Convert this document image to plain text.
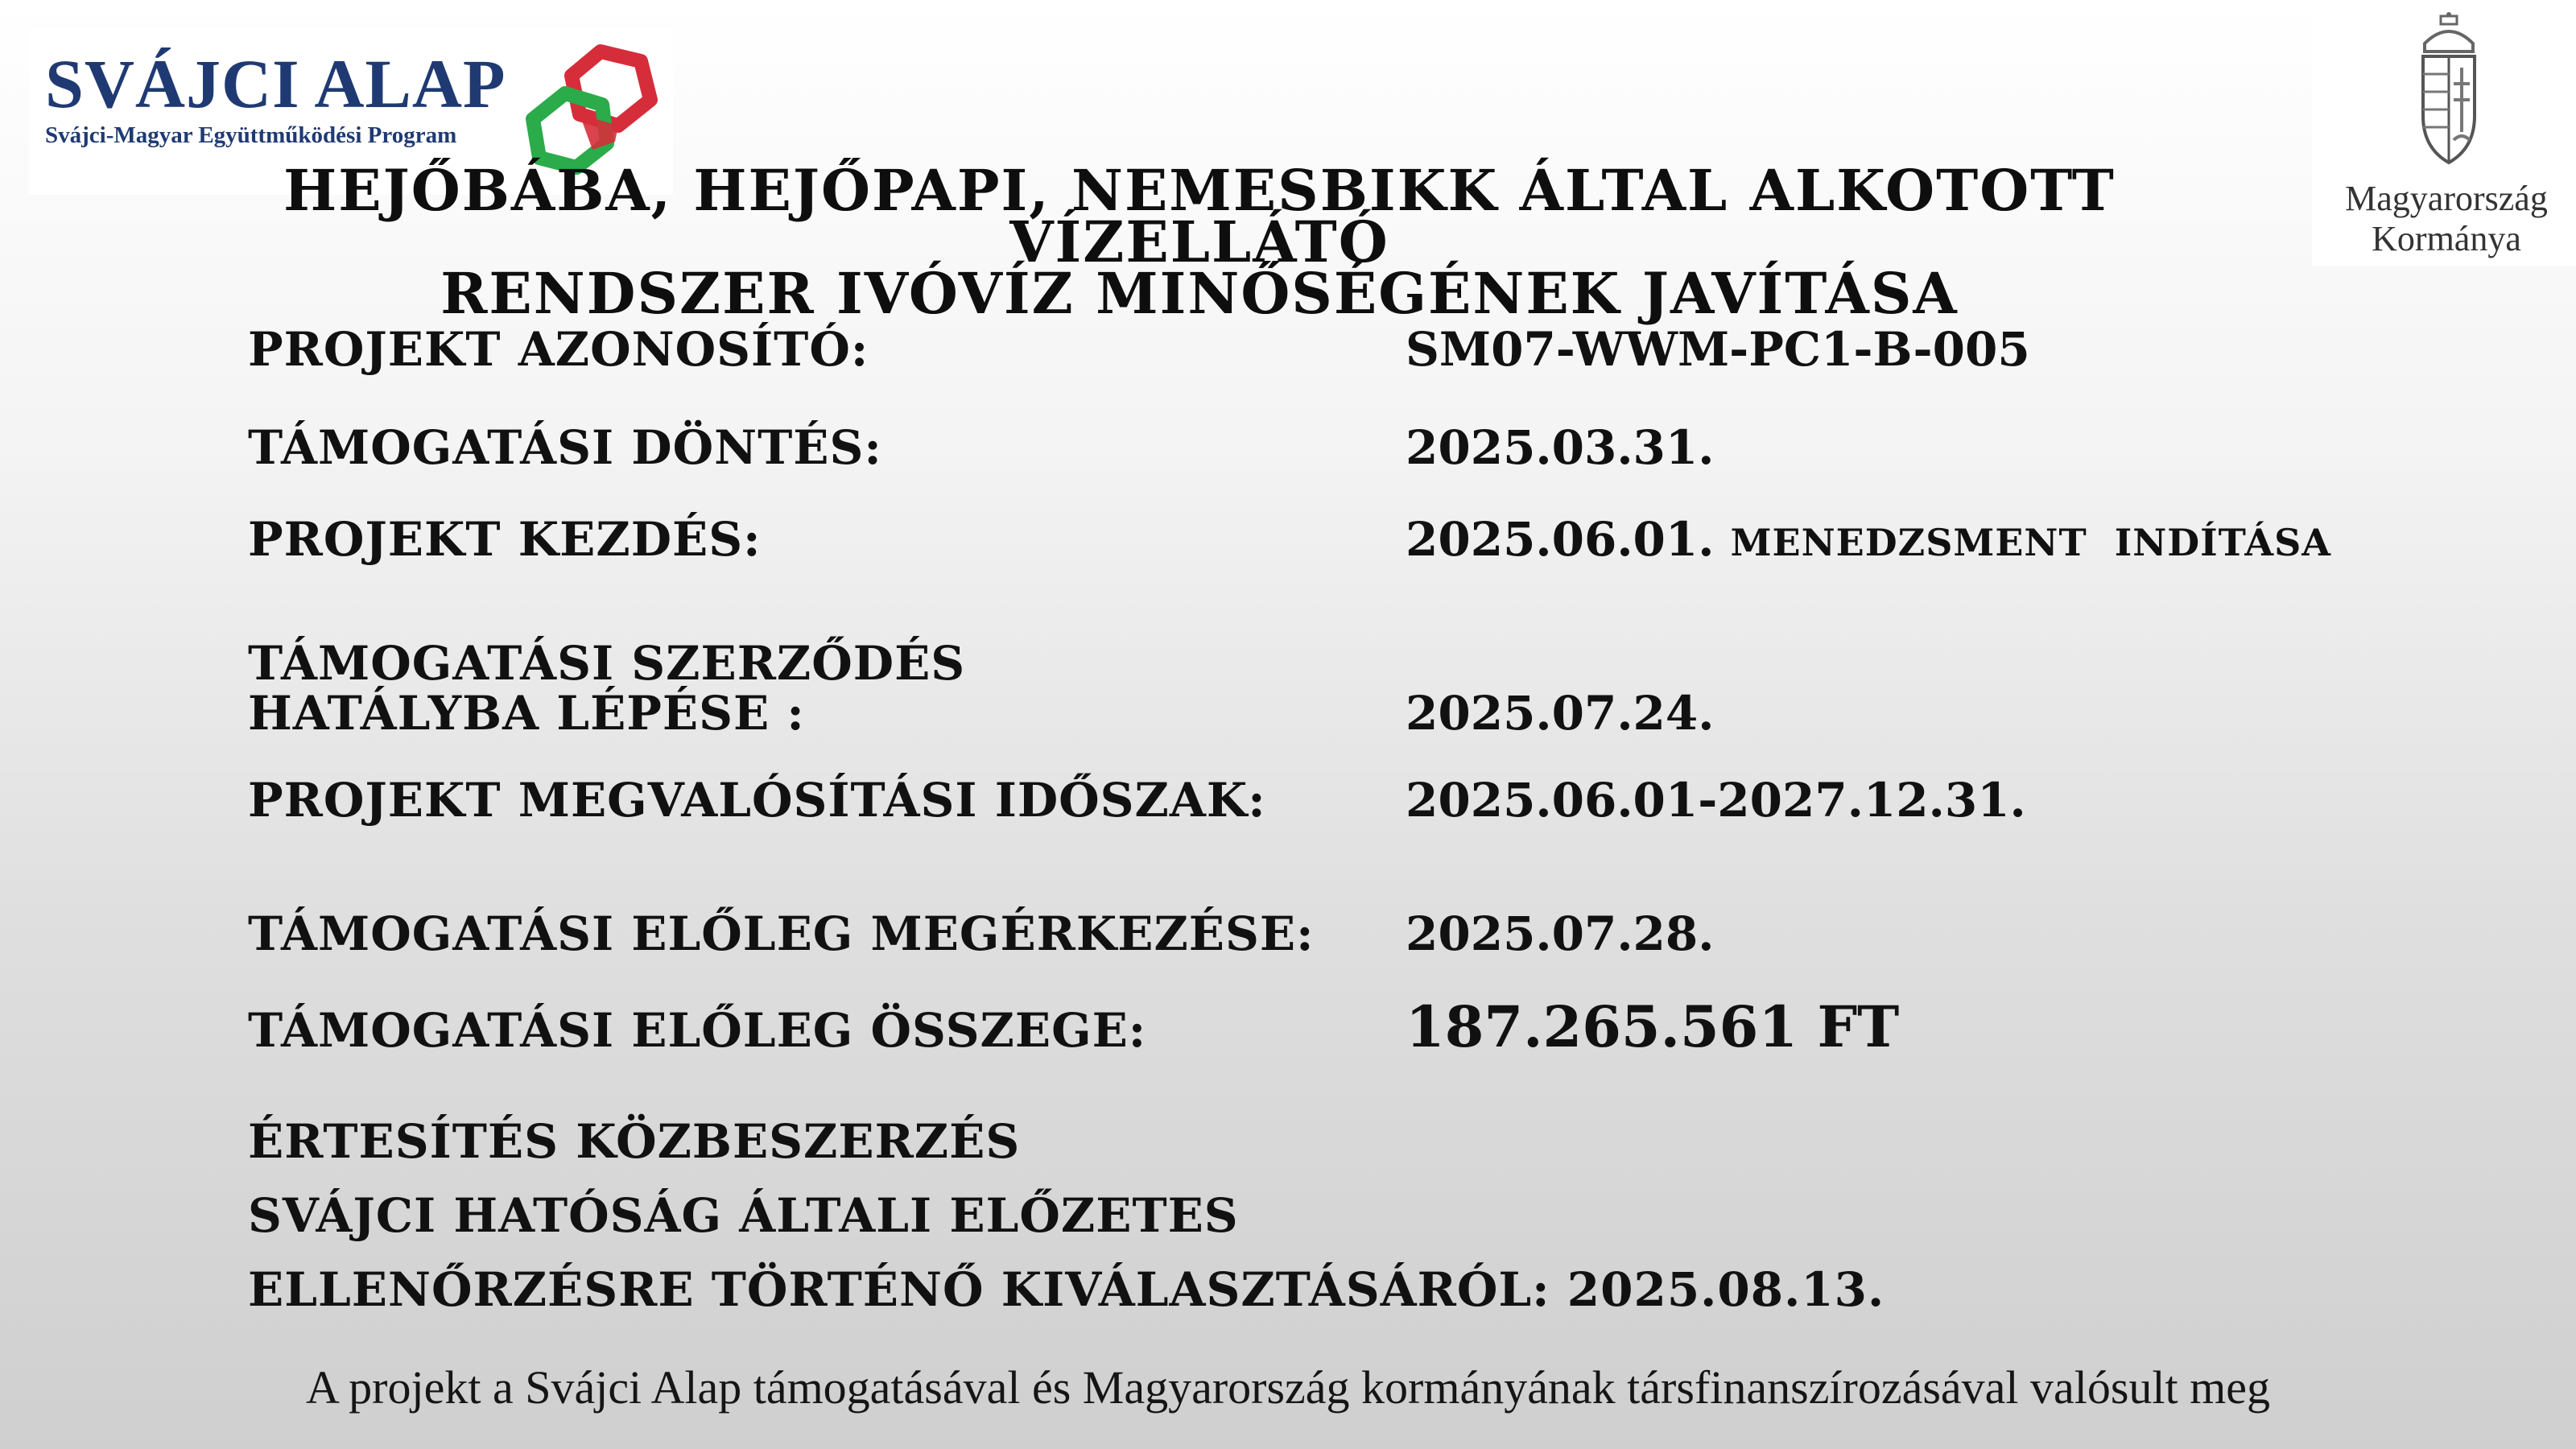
SVÁJCI ALAP
Svájci-Magyar Együttműködési Program
Magyarország
Kormánya
HEJŐBÁBA, HEJŐPAPI, NEMESBIKK ÁLTAL ALKOTOTT VÍZELLÁTÓ
RENDSZER IVÓVÍZ MINŐSÉGÉNEK JAVÍTÁSA
PROJEKT AZONOSÍTÓ:	SM07-WWM-PC1-B-005
TÁMOGATÁSI DÖNTÉS:	2025.03.31.
PROJEKT KEZDÉS:	2025.06.01. MENEDZSMENT  INDÍTÁSA
TÁMOGATÁSI SZERZŐDÉS
HATÁLYBA LÉPÉSE :	2025.07.24.
PROJEKT MEGVALÓSÍTÁSI IDŐSZAK:	2025.06.01-2027.12.31.
TÁMOGATÁSI ELŐLEG MEGÉRKEZÉSE: 2025.07.28.
TÁMOGATÁSI ELŐLEG ÖSSZEGE:	187.265.561 FT
ÉRTESÍTÉS KÖZBESZERZÉS
SVÁJCI HATÓSÁG ÁLTALI ELŐZETES
ELLENŐRZÉSRE TÖRTÉNŐ KIVÁLASZTÁSÁRÓL: 2025.08.13.
A projekt a Svájci Alap támogatásával és Magyarország kormányának társfinanszírozásával valósult meg
